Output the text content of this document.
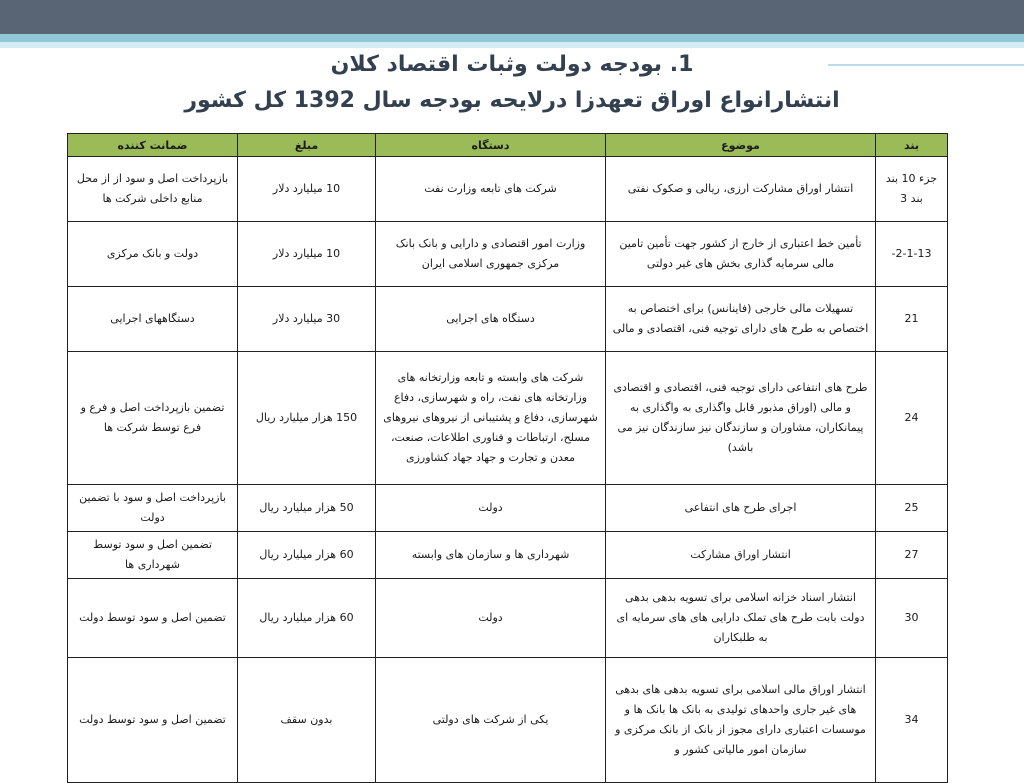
1. بودجه دولت وثبات اقتصاد کلان
انتشارانواع اوراق تعهدزا درلایحه بودجه سال 1392 کل کشور
بند	موضوع	دستگاه	مبلغ	ضمانت کننده
جزء 10 بند بند 3	انتشار اوراق مشارکت ارزی، ریالی و صکوک نفتی	شرکت های تابعه وزارت نفت	10 میلیارد دلار	بازپرداخت اصل و سود از از محل منابع داخلی شرکت ها
2-1-13-	تأمین خط اعتباری از خارج از کشور جهت تأمین تامین مالی سرمایه گذاری بخش های غیر دولتی	وزارت امور اقتصادی و دارایی و بانک بانک مرکزی جمهوری اسلامی ایران	10 میلیارد دلار	دولت و بانک مرکزی
21	تسهیلات مالی خارجی (فاینانس) برای اختصاص به اختصاص به طرح های دارای توجیه فنی، اقتصادی و مالی	دستگاه های اجرایی	30 میلیارد دلار	دستگاههای اجرایی
24	طرح های انتفاعی دارای توجیه فنی، اقتصادی و اقتصادی و مالی (اوراق مذبور قابل واگذاری به واگذاری به پیمانکاران، مشاوران و سازندگان نیز سازندگان نیز می باشد)	شرکت های وابسته و تابعه وزارتخانه های وزارتخانه های نفت، راه و شهرسازی، دفاع شهرسازی، دفاع و پشتیبانی از نیروهای نیروهای مسلح، ارتباطات و فناوری اطلاعات، صنعت، معدن و تجارت و جهاد جهاد کشاورزی	150 هزار میلیارد ریال	تضمین بازپرداخت اصل و فرع و فرع توسط شرکت ها
25	اجرای طرح های انتفاعی	دولت	50 هزار میلیارد ریال	بازپرداخت اصل و سود با تضمین دولت
27	انتشار اوراق مشارکت	شهرداری ها و سازمان های وابسته	60 هزار میلیارد ریال	تضمین اصل و سود توسط شهرداری ها
30	انتشار اسناد خزانه اسلامی برای تسویه بدهی بدهی دولت بابت طرح های تملک دارایی های های سرمایه ای به طلبکاران	دولت	60 هزار میلیارد ریال	تضمین اصل و سود توسط دولت
34	انتشار اوراق مالی اسلامی برای تسویه بدهی های بدهی های غیر جاری واحدهای تولیدی به بانک ها بانک ها و موسسات اعتباری دارای مجوز از بانک از بانک مرکزی و سازمان امور مالیاتی کشور و	یکی از شرکت های دولتی	بدون سقف	تضمین اصل و سود توسط دولت
